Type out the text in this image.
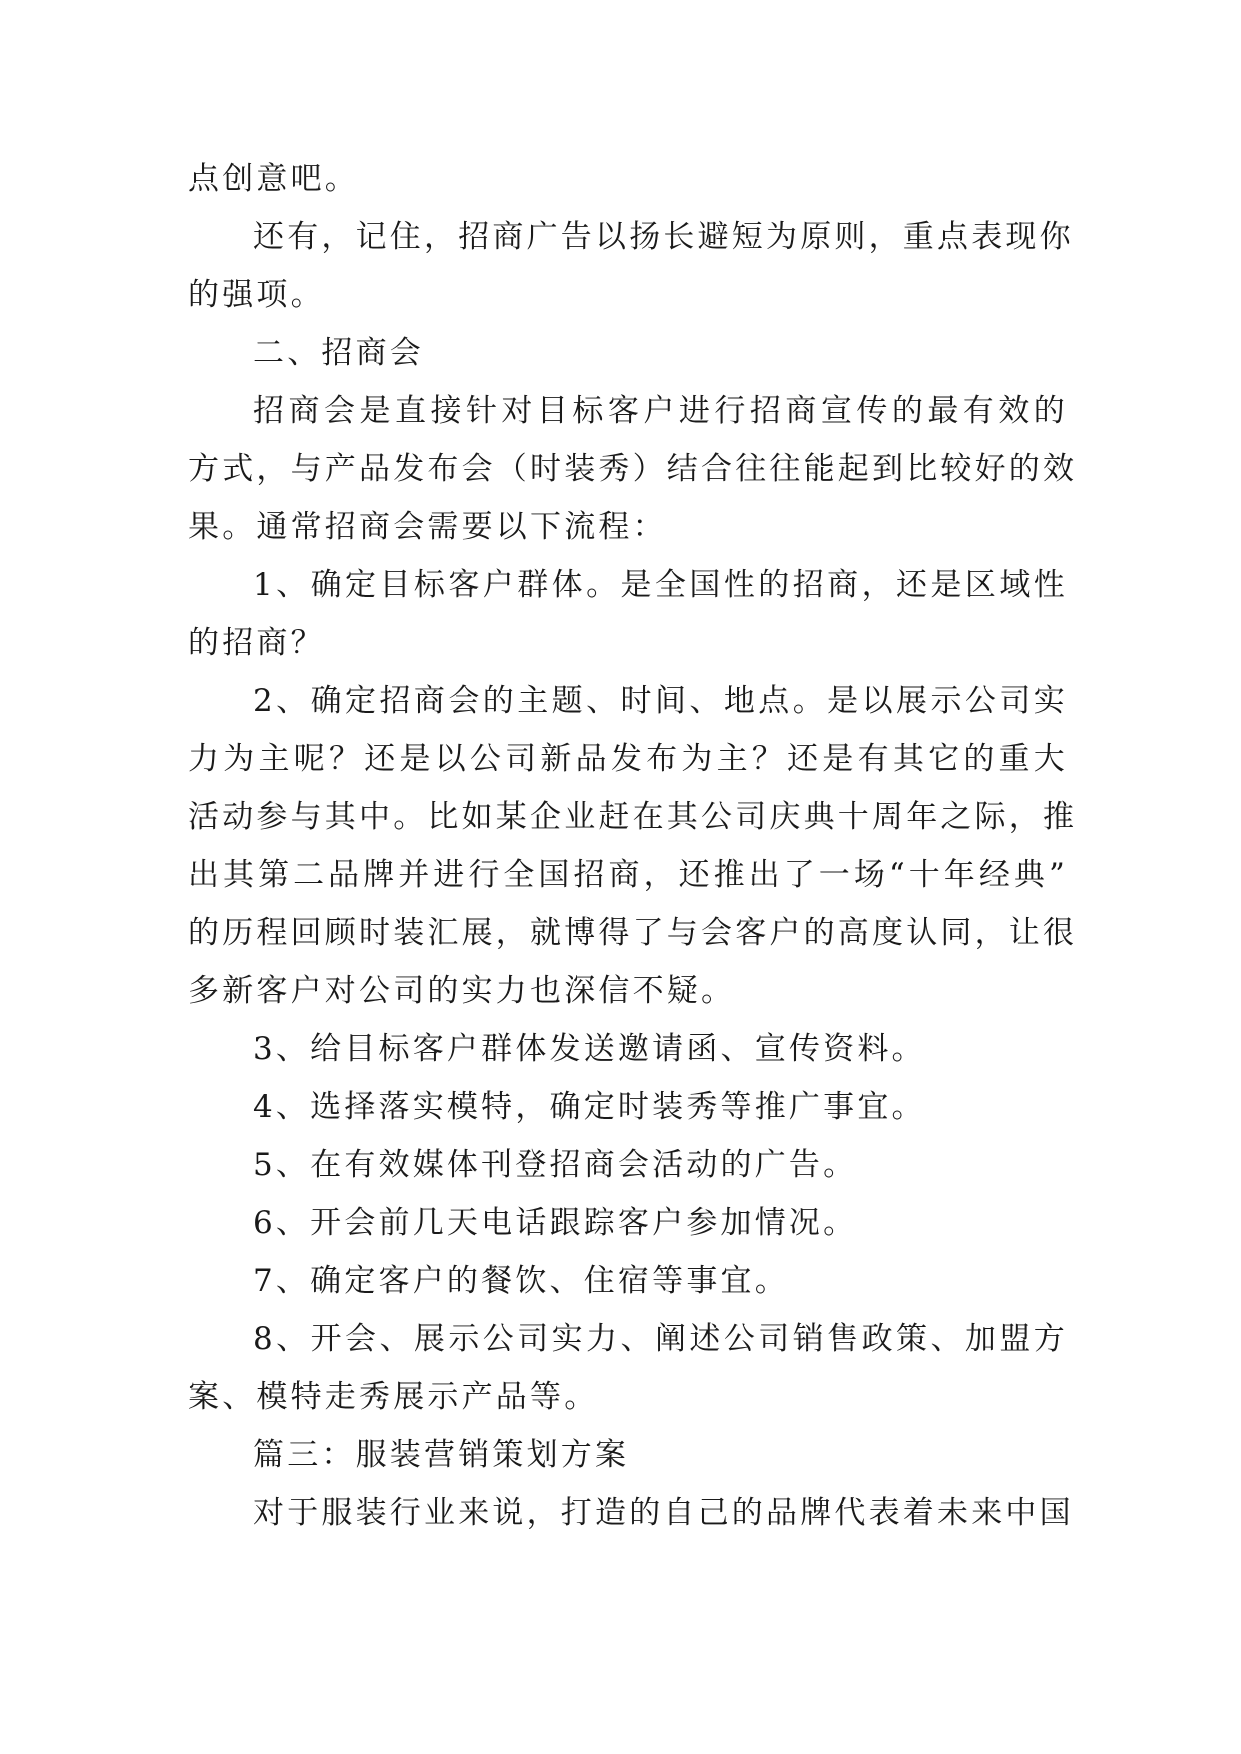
点创意吧。
还有，记住，招商广告以扬长避短为原则，重点表现你
的强项。
二、招商会
招商会是直接针对目标客户进行招商宣传的最有效的
方式，与产品发布会（时装秀）结合往往能起到比较好的效
果。通常招商会需要以下流程：
1、确定目标客户群体。是全国性的招商，还是区域性
的招商？
2、确定招商会的主题、时间、地点。是以展示公司实
力为主呢？还是以公司新品发布为主？还是有其它的重大
活动参与其中。比如某企业赶在其公司庆典十周年之际，推
出其第二品牌并进行全国招商，还推出了一场“十年经典”
的历程回顾时装汇展，就博得了与会客户的高度认同，让很
多新客户对公司的实力也深信不疑。
3、给目标客户群体发送邀请函、宣传资料。
4、选择落实模特，确定时装秀等推广事宜。
5、在有效媒体刊登招商会活动的广告。
6、开会前几天电话跟踪客户参加情况。
7、确定客户的餐饮、住宿等事宜。
8、开会、展示公司实力、阐述公司销售政策、加盟方
案、模特走秀展示产品等。
篇三：服装营销策划方案
对于服装行业来说，打造的自己的品牌代表着未来中国
